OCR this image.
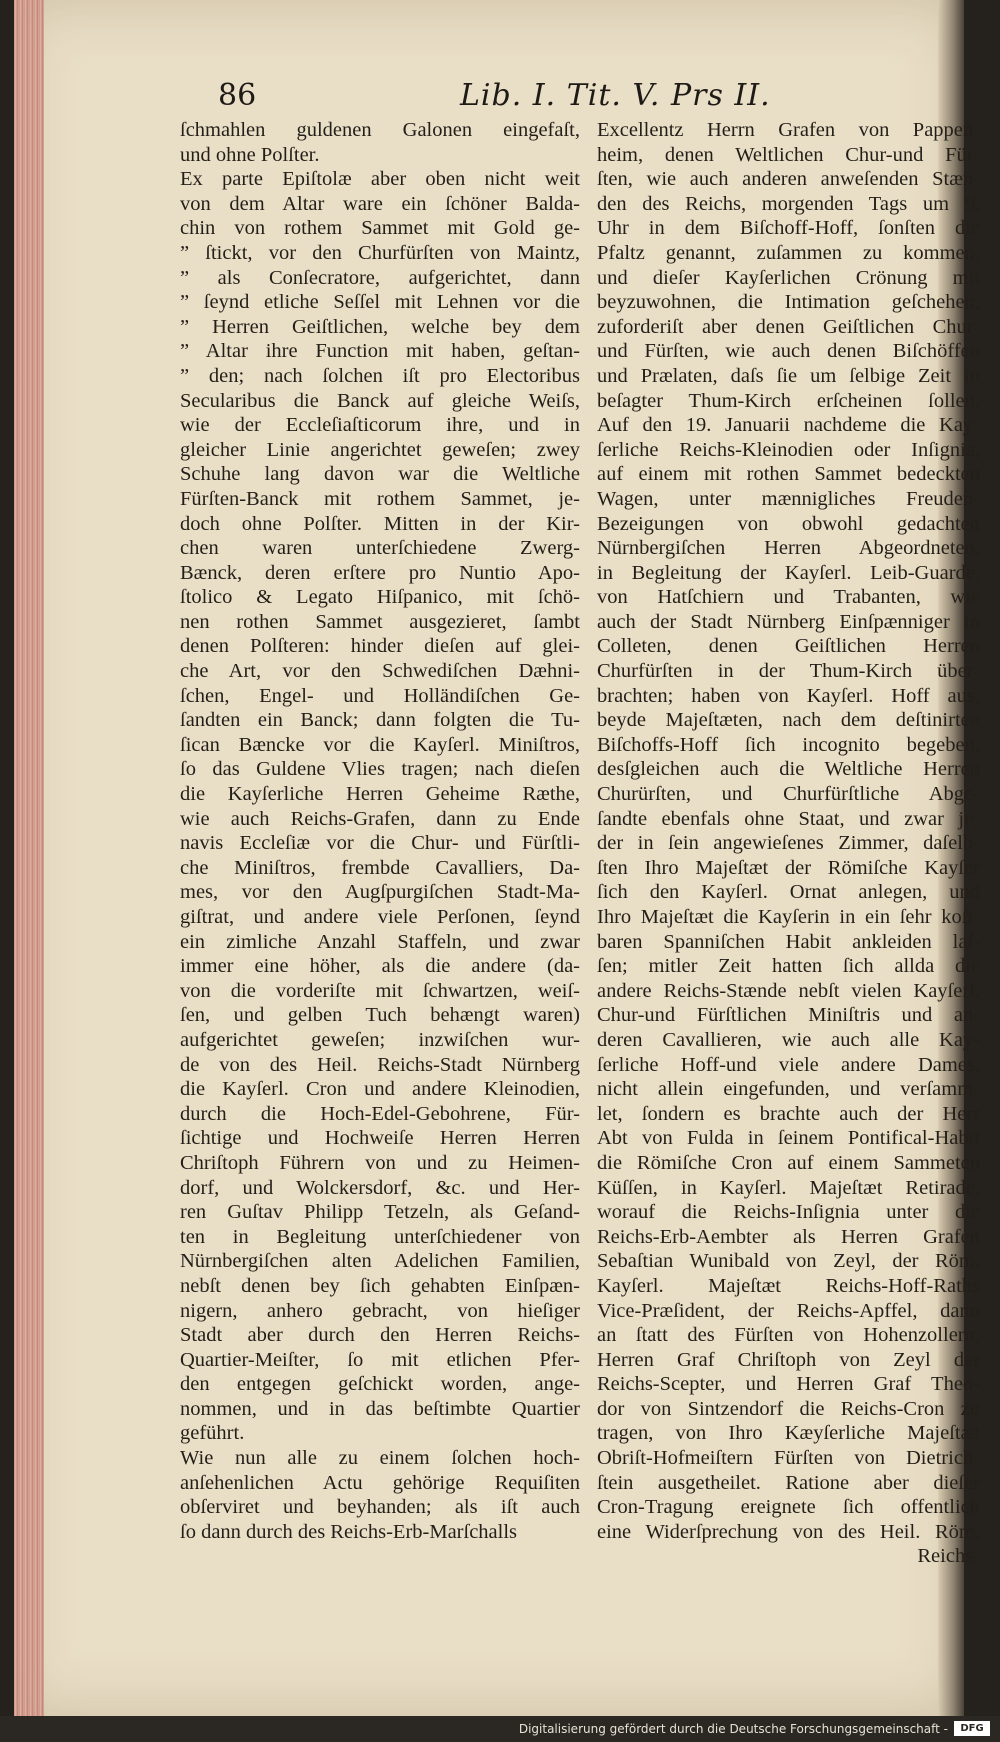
86	Lib. I. Tit. V. Prs II.
ſchmahlen guldenen Galonen eingefaſt,
und ohne Polſter.
Ex parte Epiſtolæ aber oben nicht weit
von dem Altar ware ein ſchöner Balda-
chin von rothem Sammet mit Gold ge-
” ſtickt, vor den Churfürſten von Maintz,
” als Conſecratore, aufgerichtet, dann
” ſeynd etliche Seſſel mit Lehnen vor die
” Herren Geiſtlichen, welche bey dem
” Altar ihre Function mit haben, geſtan-
” den; nach ſolchen iſt pro Electoribus
Secularibus die Banck auf gleiche Weiſs,
wie der Eccleſiaſticorum ihre, und in
gleicher Linie angerichtet geweſen; zwey
Schuhe lang davon war die Weltliche
Fürſten-Banck mit rothem Sammet, je-
doch ohne Polſter. Mitten in der Kir-
chen waren unterſchiedene Zwerg-
Bænck, deren erſtere pro Nuntio Apo-
ſtolico & Legato Hiſpanico, mit ſchö-
nen rothen Sammet ausgezieret, ſambt
denen Polſteren: hinder dieſen auf glei-
che Art, vor den Schwediſchen Dæhni-
ſchen, Engel- und Holländiſchen Ge-
ſandten ein Banck; dann folgten die Tu-
ſican Bæncke vor die Kayſerl. Miniſtros,
ſo das Guldene Vlies tragen; nach dieſen
die Kayſerliche Herren Geheime Ræthe,
wie auch Reichs-Grafen, dann zu Ende
navis Eccleſiæ vor die Chur- und Fürſtli-
che Miniſtros, frembde Cavalliers, Da-
mes, vor den Augſpurgiſchen Stadt-Ma-
giſtrat, und andere viele Perſonen, ſeynd
ein zimliche Anzahl Staffeln, und zwar
immer eine höher, als die andere (da-
von die vorderiſte mit ſchwartzen, weiſ-
ſen, und gelben Tuch behængt waren)
aufgerichtet geweſen; inzwiſchen wur-
de von des Heil. Reichs-Stadt Nürnberg
die Kayſerl. Cron und andere Kleinodien,
durch die Hoch-Edel-Gebohrene, Für-
ſichtige und Hochweiſe Herren Herren
Chriſtoph Führern von und zu Heimen-
dorf, und Wolckersdorf, &c. und Her-
ren Guſtav Philipp Tetzeln, als Geſand-
ten in Begleitung unterſchiedener von
Nürnbergiſchen alten Adelichen Familien,
nebſt denen bey ſich gehabten Einſpæn-
nigern, anhero gebracht, von hieſiger
Stadt aber durch den Herren Reichs-
Quartier-Meiſter, ſo mit etlichen Pfer-
den entgegen geſchickt worden, ange-
nommen, und in das beſtimbte Quartier
geführt.
Wie nun alle zu einem ſolchen hoch-
anſehenlichen Actu gehörige Requiſiten
obſerviret und beyhanden; als iſt auch
ſo dann durch des Reichs-Erb-Marſchalls
Excellentz Herrn Grafen von Pappen-
heim, denen Weltlichen Chur-und Für-
ſten, wie auch anderen anweſenden Stæn-
den des Reichs, morgenden Tags um 9.
Uhr in dem Biſchoff-Hoff, ſonſten die
Pfaltz genannt, zuſammen zu kommen,
und dieſer Kayſerlichen Crönung mit
beyzuwohnen, die Intimation geſchehen,
zuforderiſt aber denen Geiſtlichen Chur-
und Fürſten, wie auch denen Biſchöffen
und Prælaten, daſs ſie um ſelbige Zeit in
beſagter Thum-Kirch erſcheinen ſollen.
Auf den 19. Januarii nachdeme die Kay-
ſerliche Reichs-Kleinodien oder Inſignia,
auf einem mit rothen Sammet bedeckten
Wagen, unter mænnigliches Freuden-
Bezeigungen von obwohl gedachten
Nürnbergiſchen Herren Abgeordneten,
in Begleitung der Kayſerl. Leib-Guarde,
von Hatſchiern und Trabanten, wie
auch der Stadt Nürnberg Einſpænniger in
Colleten, denen Geiſtlichen Herren
Churfürſten in der Thum-Kirch über-
brachten; haben von Kayſerl. Hoff aus,
beyde Majeſtæten, nach dem deſtinirten
Biſchoffs-Hoff ſich incognito begeben,
desſgleichen auch die Weltliche Herren
Churürſten, und Churfürſtliche Abge-
ſandte ebenfals ohne Staat, und zwar je-
der in ſein angewieſenes Zimmer, daſelb-
ſten Ihro Majeſtæt der Römiſche Kayſer
ſich den Kayſerl. Ornat anlegen, und
Ihro Majeſtæt die Kayſerin in ein ſehr koſt-
baren Spanniſchen Habit ankleiden laſ-
ſen; mitler Zeit hatten ſich allda die
andere Reichs-Stænde nebſt vielen Kayſerl.
Chur-und Fürſtlichen Miniſtris und an-
deren Cavallieren, wie auch alle Kay-
ſerliche Hoff-und viele andere Dames,
nicht allein eingefunden, und verſamm-
let, ſondern es brachte auch der Herr
Abt von Fulda in ſeinem Pontifical-Habit
die Römiſche Cron auf einem Sammeten
Küſſen, in Kayſerl. Majeſtæt Retirade,
worauf die Reichs-Inſignia unter die
Reichs-Erb-Aembter als Herren Grafen
Sebaſtian Wunibald von Zeyl, der Röm.
Kayſerl. Majeſtæt Reichs-Hoff-Raths
Vice-Præſident, der Reichs-Apffel, dann
an ſtatt des Fürſten von Hohenzollern,
Herren Graf Chriſtoph von Zeyl der
Reichs-Scepter, und Herren Graf Theo-
dor von Sintzendorf die Reichs-Cron zu
tragen, von Ihro Kæyſerliche Majeſtæt
Obriſt-Hofmeiſtern Fürſten von Dietrich-
ſtein ausgetheilet. Ratione aber dieſer
Cron-Tragung ereignete ſich offentlich
eine Widerſprechung von des Heil. Röm.
Reichs-
Digitalisierung gefördert durch die Deutsche Forschungsgemeinschaft -	DFG
